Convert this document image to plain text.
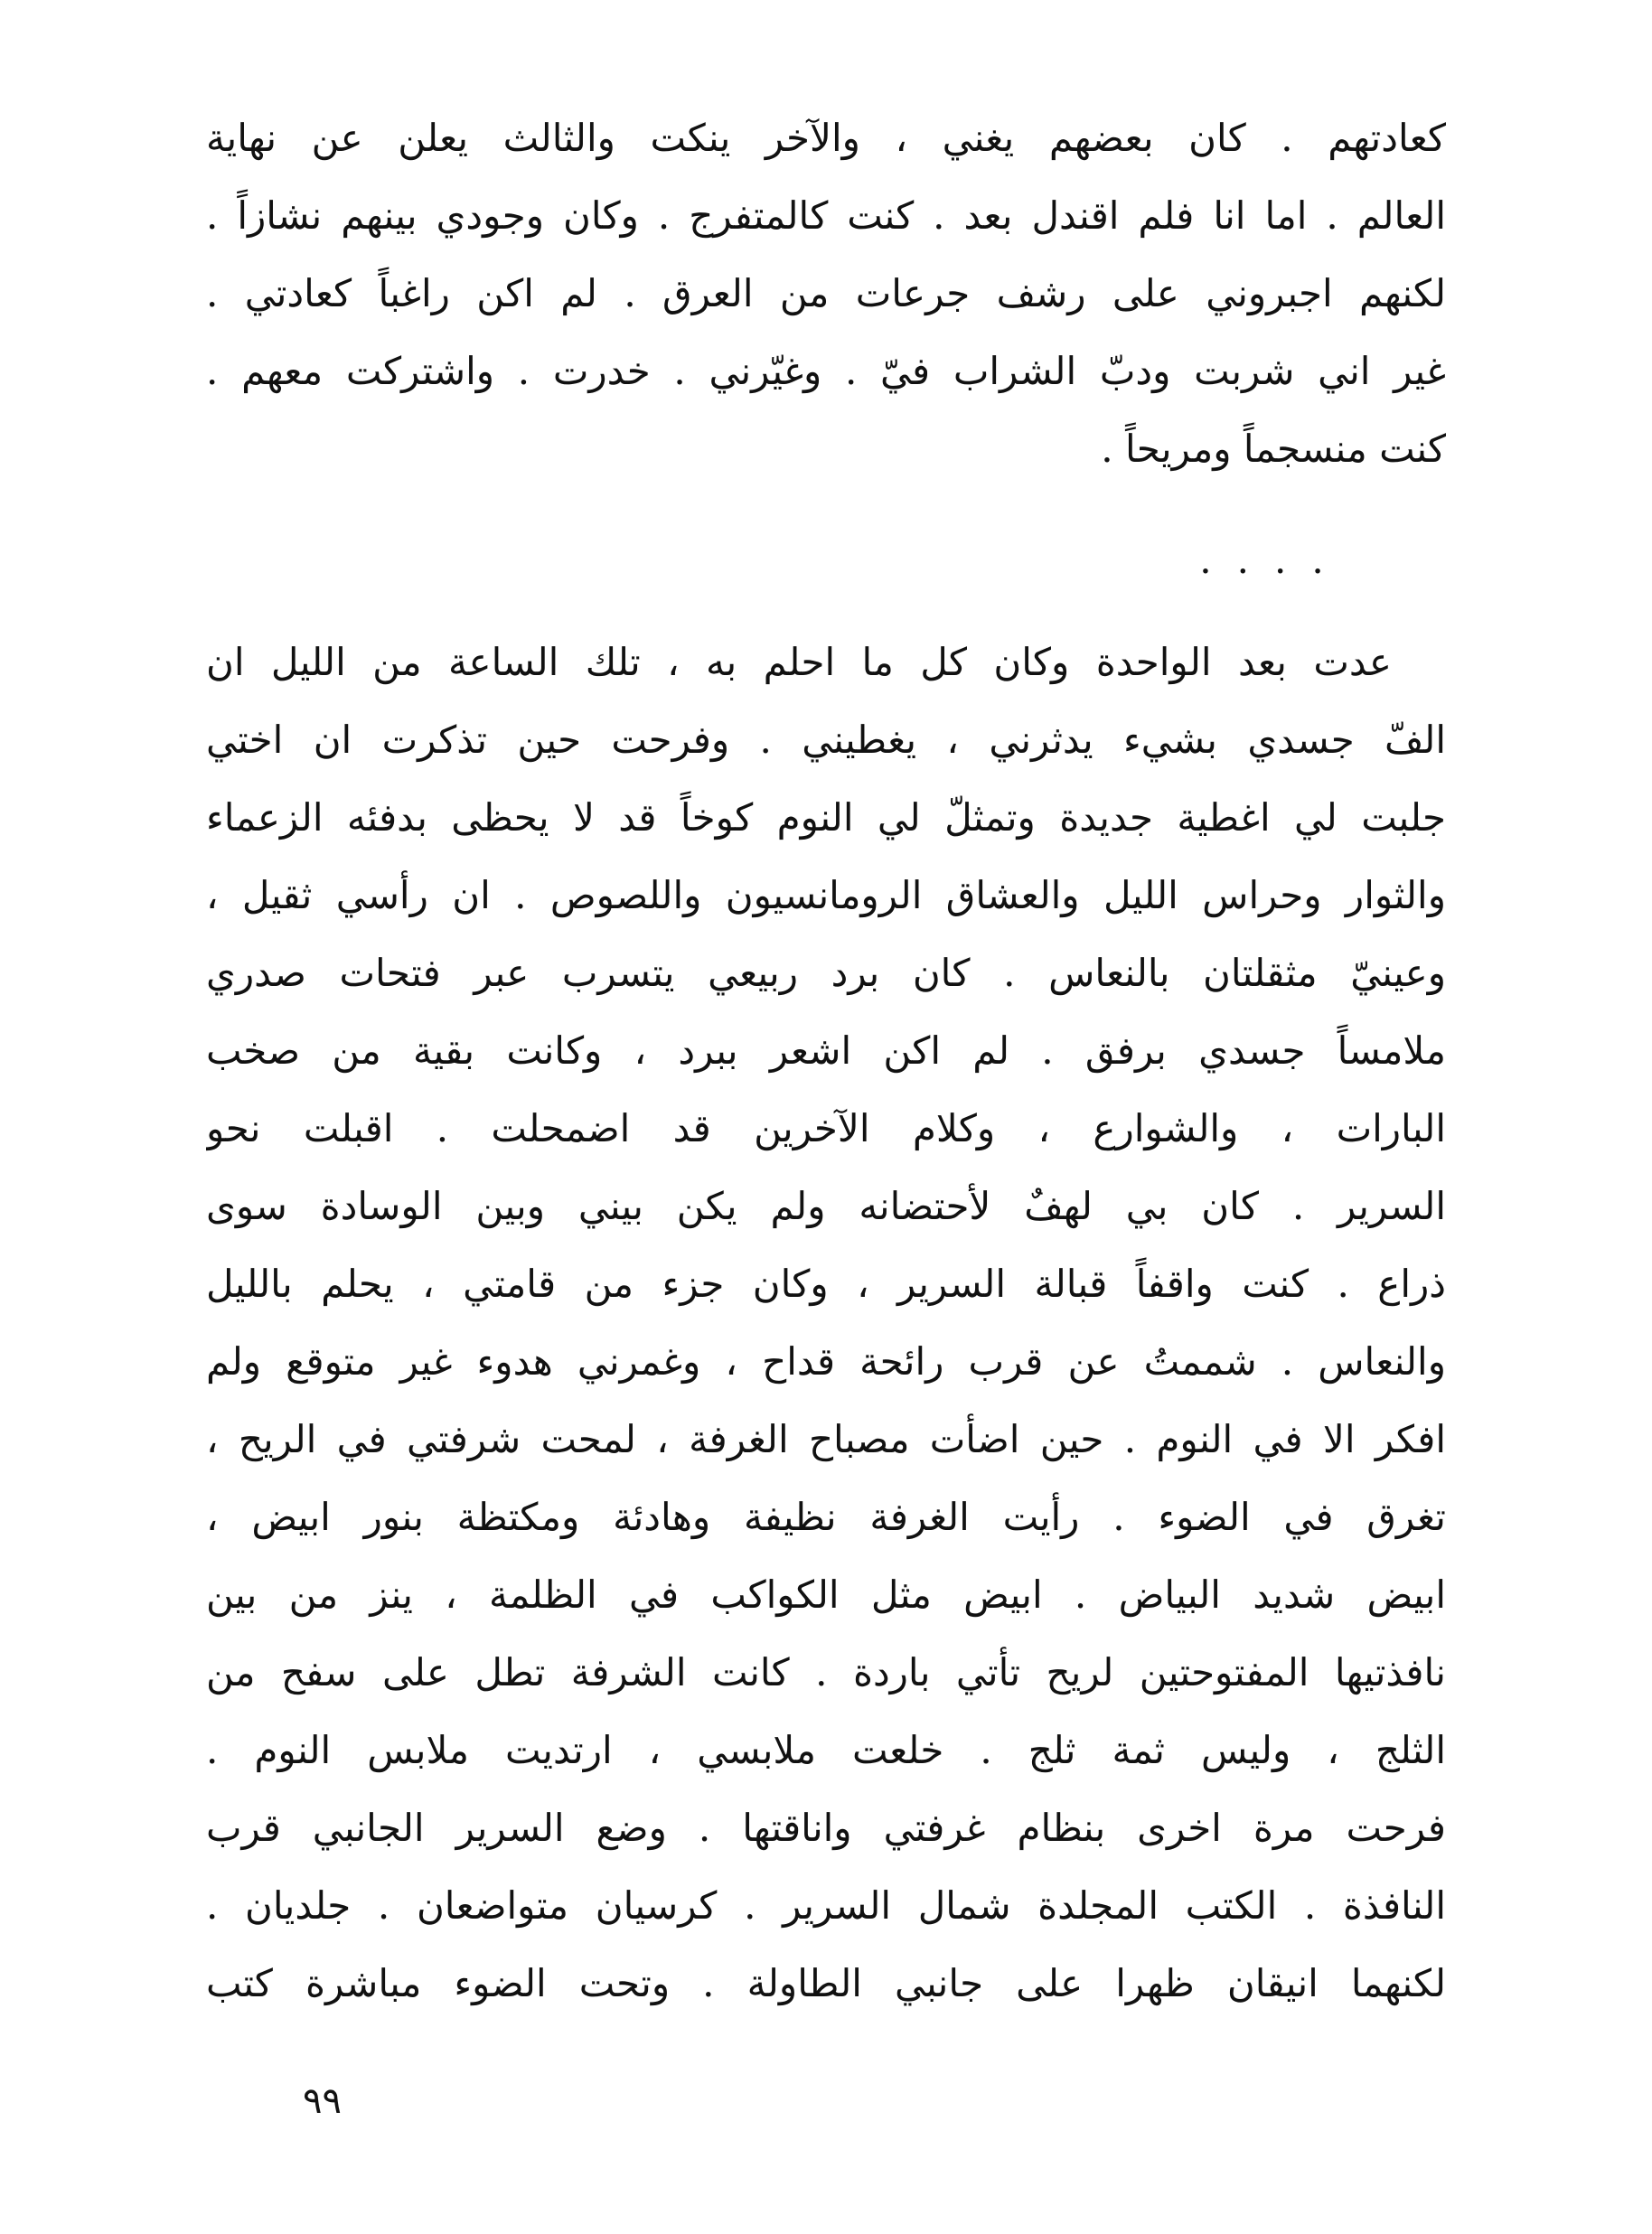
كعادتهم . كان بعضهم يغني ، والآخر ينكت والثالث يعلن عن نهاية
العالم . اما انا فلم اقندل بعد . كنت كالمتفرج . وكان وجودي بينهم نشازاً .
لكنهم اجبروني على رشف جرعات من العرق . لم اكن راغباً كعادتي .
غير اني شربت ودبّ الشراب فيّ . وغيّرني . خدرت . واشتركت معهم .
كنت منسجماً ومريحاً .
....
عدت بعد الواحدة وكان كل ما احلم به ، تلك الساعة من الليل ان
الفّ جسدي بشيء يدثرني ، يغطيني . وفرحت حين تذكرت ان اختي
جلبت لي اغطية جديدة وتمثلّ لي النوم كوخاً قد لا يحظى بدفئه الزعماء
والثوار وحراس الليل والعشاق الرومانسيون واللصوص . ان رأسي ثقيل ،
وعينيّ مثقلتان بالنعاس . كان برد ربيعي يتسرب عبر فتحات صدري
ملامساً جسدي برفق . لم اكن اشعر ببرد ، وكانت بقية من صخب
البارات ، والشوارع ، وكلام الآخرين قد اضمحلت . اقبلت نحو
السرير . كان بي لهفٌ لأحتضانه ولم يكن بيني وبين الوسادة سوى
ذراع . كنت واقفاً قبالة السرير ، وكان جزء من قامتي ، يحلم بالليل
والنعاس . شممتُ عن قرب رائحة قداح ، وغمرني هدوء غير متوقع ولم
افكر الا في النوم . حين اضأت مصباح الغرفة ، لمحت شرفتي في الريح ،
تغرق في الضوء . رأيت الغرفة نظيفة وهادئة ومكتظة بنور ابيض ،
ابيض شديد البياض . ابيض مثل الكواكب في الظلمة ، ينز من بين
نافذتيها المفتوحتين لريح تأتي باردة . كانت الشرفة تطل على سفح من
الثلج ، وليس ثمة ثلج . خلعت ملابسي ، ارتديت ملابس النوم .
فرحت مرة اخرى بنظام غرفتي واناقتها . وضع السرير الجانبي قرب
النافذة . الكتب المجلدة شمال السرير . كرسيان متواضعان . جلديان .
لكنهما انيقان ظهرا على جانبي الطاولة . وتحت الضوء مباشرة كتب
٩٩
